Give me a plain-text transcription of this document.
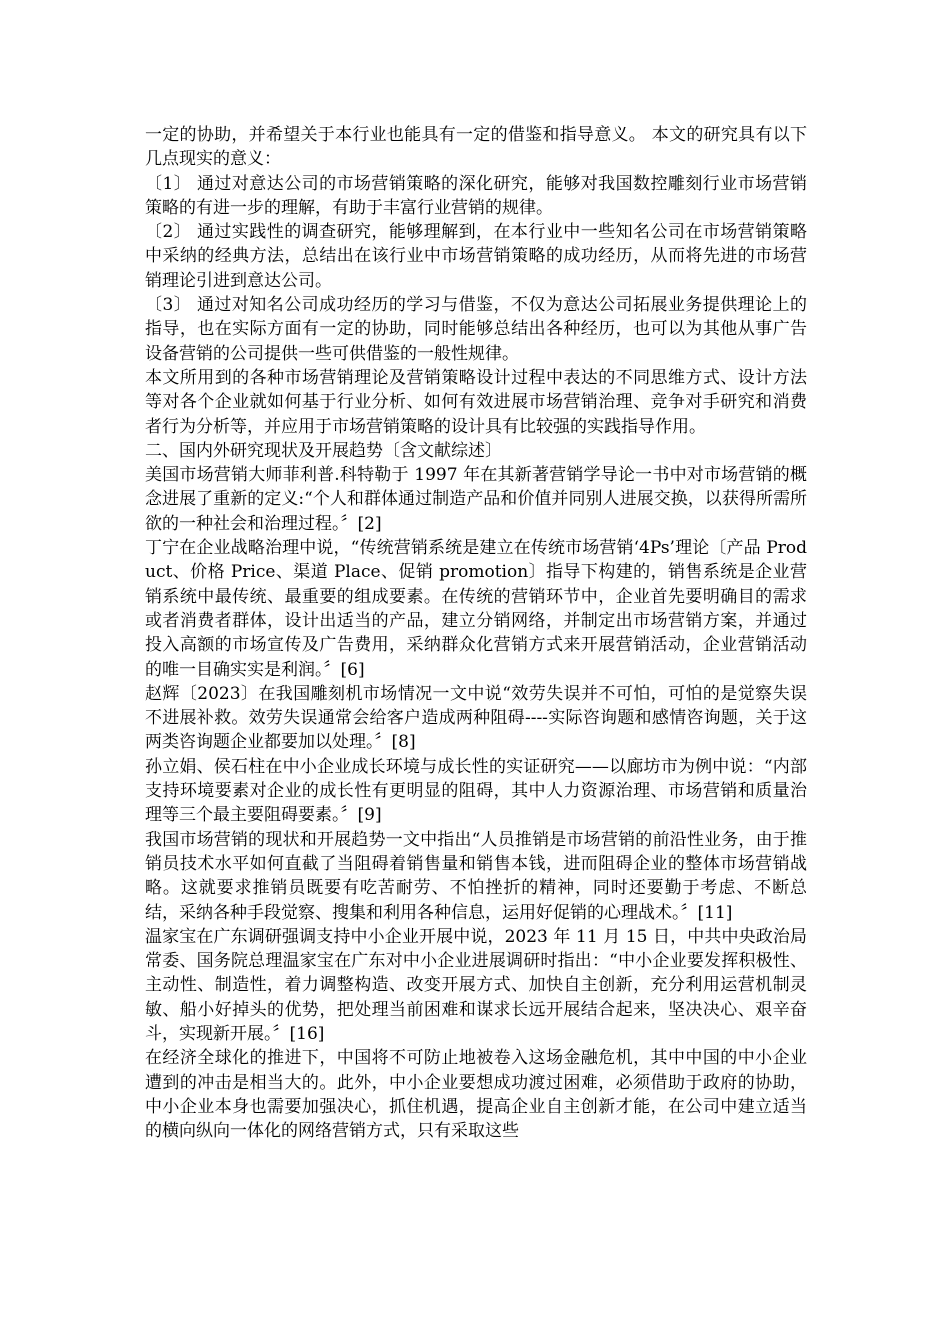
一定的协助，并希望关于本行业也能具有一定的借鉴和指导意义。 本文的研究具有以下几点现实的意义：

〔1〕 通过对意达公司的市场营销策略的深化研究，能够对我国数控雕刻行业市场营销策略的有进一步的理解，有助于丰富行业营销的规律。

〔2〕 通过实践性的调查研究，能够理解到，在本行业中一些知名公司在市场营销策略中采纳的经典方法，总结出在该行业中市场营销策略的成功经历，从而将先进的市场营销理论引进到意达公司。

〔3〕 通过对知名公司成功经历的学习与借鉴，不仅为意达公司拓展业务提供理论上的指导，也在实际方面有一定的协助，同时能够总结出各种经历，也可以为其他从事广告设备营销的公司提供一些可供借鉴的一般性规律。

本文所用到的各种市场营销理论及营销策略设计过程中表达的不同思维方式、设计方法等对各个企业就如何基于行业分析、如何有效进展市场营销治理、竞争对手研究和消费者行为分析等，并应用于市场营销策略的设计具有比较强的实践指导作用。

二、国内外研究现状及开展趋势〔含文献综述〕

美国市场营销大师菲利普.科特勒于 1997 年在其新著营销学导论一书中对市场营销的概念进展了重新的定义:“个人和群体通过制造产品和价值并同别人进展交换，以获得所需所欲的一种社会和治理过程。〞[2]

丁宁在企业战略治理中说，“传统营销系统是建立在传统市场营销‘4Ps’理论〔产品 Product、价格 Price、渠道 Place、促销 promotion〕指导下构建的，销售系统是企业营销系统中最传统、最重要的组成要素。在传统的营销环节中，企业首先要明确目的需求或者消费者群体，设计出适当的产品，建立分销网络，并制定出市场营销方案，并通过投入高额的市场宣传及广告费用，采纳群众化营销方式来开展营销活动，企业营销活动的唯一目确实实是利润。〞[6]

赵辉〔2023〕在我国雕刻机市场情况一文中说“效劳失误并不可怕，可怕的是觉察失误不进展补救。效劳失误通常会给客户造成两种阻碍----实际咨询题和感情咨询题，关于这两类咨询题企业都要加以处理。〞[8]

孙立娟、侯石柱在中小企业成长环境与成长性的实证研究——以廊坊市为例中说：“内部支持环境要素对企业的成长性有更明显的阻碍，其中人力资源治理、市场营销和质量治理等三个最主要阻碍要素。〞[9]

我国市场营销的现状和开展趋势一文中指出“人员推销是市场营销的前沿性业务，由于推销员技术水平如何直截了当阻碍着销售量和销售本钱，进而阻碍企业的整体市场营销战略。这就要求推销员既要有吃苦耐劳、不怕挫折的精神，同时还要勤于考虑、不断总结，采纳各种手段觉察、搜集和利用各种信息，运用好促销的心理战术。〞[11]

温家宝在广东调研强调支持中小企业开展中说，2023 年 11 月 15 日，中共中央政治局常委、国务院总理温家宝在广东对中小企业进展调研时指出：“中小企业要发挥积极性、主动性、制造性，着力调整构造、改变开展方式、加快自主创新，充分利用运营机制灵敏、船小好掉头的优势，把处理当前困难和谋求长远开展结合起来，坚决决心、艰辛奋斗，实现新开展。〞[16]

在经济全球化的推进下，中国将不可防止地被卷入这场金融危机，其中中国的中小企业遭到的冲击是相当大的。此外，中小企业要想成功渡过困难，必须借助于政府的协助，中小企业本身也需要加强决心，抓住机遇，提高企业自主创新才能，在公司中建立适当的横向纵向一体化的网络营销方式，只有采取这些
